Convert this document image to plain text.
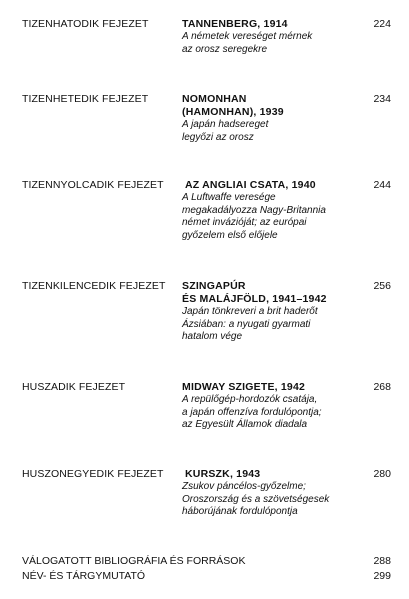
TIZENHATODIK FEJEZET	TANNENBERG, 1914
A németek vereséget mérnek
az orosz seregekre
224
TIZENHETEDIK FEJEZET	NOMONHAN
(HAMONHAN), 1939
A japán hadsereget
legyőzi az orosz
234
TIZENNYOLCADIK FEJEZET AZ ANGLIAI CSATA, 1940
A Luftwaffe veresége
megakadályozza Nagy-Britannia
német invázióját; az európai
győzelem első előjele
244
TIZENKILENCEDIK FEJEZET SZINGAPÚR
ÉS MALÁJFÖLD, 1941–1942
Japán tönkreveri a brit haderőt
Ázsiában: a nyugati gyarmati
hatalom vége
256
HUSZADIK FEJEZET	MIDWAY SZIGETE, 1942
A repülőgép-hordozók csatája,
a japán offenzíva fordulópontja;
az Egyesült Államok diadala
268
HUSZONEGYEDIK FEJEZET KURSZK, 1943
Zsukov páncélos-győzelme;
Oroszország és a szövetségesek
háborújának fordulópontja
280
VÁLOGATOTT BIBLIOGRÁFIA ÉS FORRÁSOK	288
NÉV- ÉS TÁRGYMUTATÓ	299
